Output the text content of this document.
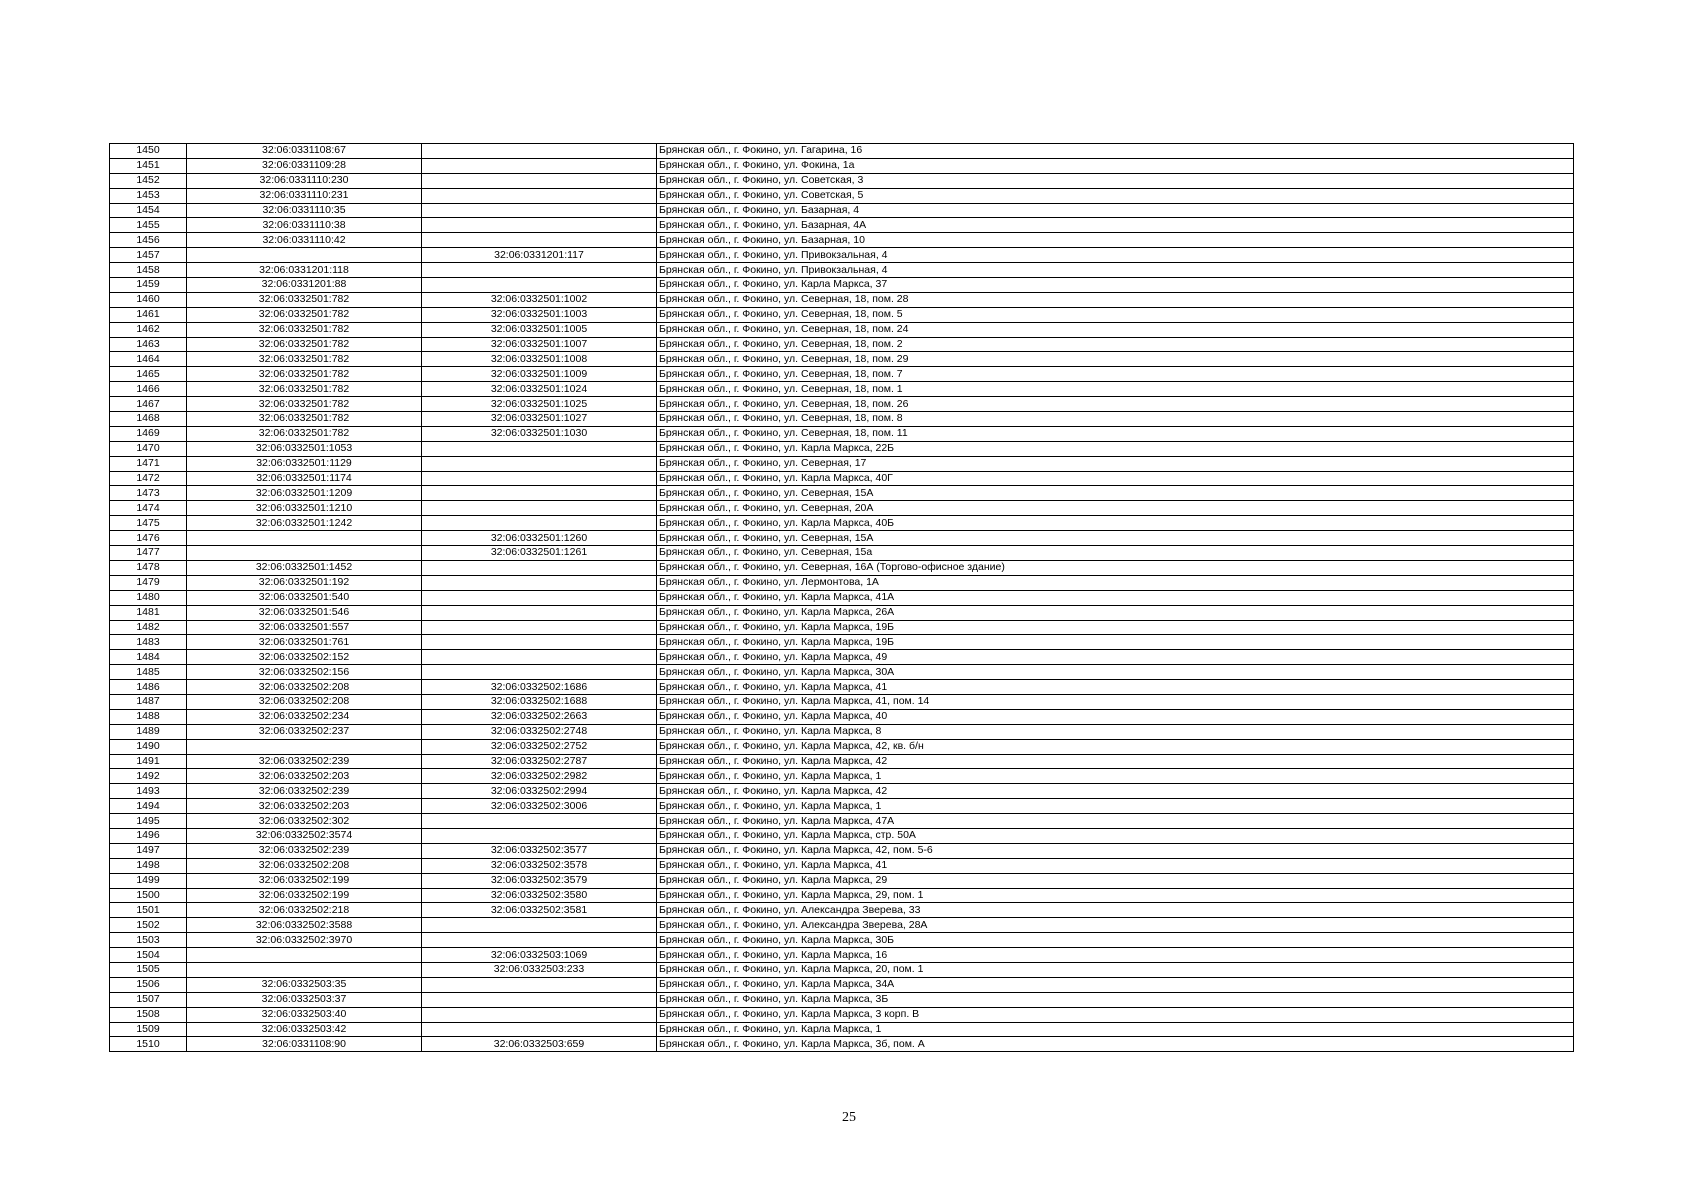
1450	32:06:0331108:67		Брянская обл., г. Фокино, ул. Гагарина, 16
1451	32:06:0331109:28		Брянская обл., г. Фокино, ул. Фокина, 1а
1452	32:06:0331110:230		Брянская обл., г. Фокино, ул. Советская, 3
1453	32:06:0331110:231		Брянская обл., г. Фокино, ул. Советская, 5
1454	32:06:0331110:35		Брянская обл., г. Фокино, ул. Базарная, 4
1455	32:06:0331110:38		Брянская обл., г. Фокино, ул. Базарная, 4А
1456	32:06:0331110:42		Брянская обл., г. Фокино, ул. Базарная, 10
1457		32:06:0331201:117	Брянская обл., г. Фокино, ул. Привокзальная, 4
1458	32:06:0331201:118		Брянская обл., г. Фокино, ул. Привокзальная, 4
1459	32:06:0331201:88		Брянская обл., г. Фокино, ул. Карла Маркса, 37
1460	32:06:0332501:782	32:06:0332501:1002	Брянская обл., г. Фокино, ул. Северная, 18, пом. 28
1461	32:06:0332501:782	32:06:0332501:1003	Брянская обл., г. Фокино, ул. Северная, 18, пом. 5
1462	32:06:0332501:782	32:06:0332501:1005	Брянская обл., г. Фокино, ул. Северная, 18, пом. 24
1463	32:06:0332501:782	32:06:0332501:1007	Брянская обл., г. Фокино, ул. Северная, 18, пом. 2
1464	32:06:0332501:782	32:06:0332501:1008	Брянская обл., г. Фокино, ул. Северная, 18, пом. 29
1465	32:06:0332501:782	32:06:0332501:1009	Брянская обл., г. Фокино, ул. Северная, 18, пом. 7
1466	32:06:0332501:782	32:06:0332501:1024	Брянская обл., г. Фокино, ул. Северная, 18, пом. 1
1467	32:06:0332501:782	32:06:0332501:1025	Брянская обл., г. Фокино, ул. Северная, 18, пом. 26
1468	32:06:0332501:782	32:06:0332501:1027	Брянская обл., г. Фокино, ул. Северная, 18, пом. 8
1469	32:06:0332501:782	32:06:0332501:1030	Брянская обл., г. Фокино, ул. Северная, 18, пом. 11
1470	32:06:0332501:1053		Брянская обл., г. Фокино, ул. Карла Маркса, 22Б
1471	32:06:0332501:1129		Брянская обл., г. Фокино, ул. Северная, 17
1472	32:06:0332501:1174		Брянская обл., г. Фокино, ул. Карла Маркса, 40Г
1473	32:06:0332501:1209		Брянская обл., г. Фокино, ул. Северная, 15А
1474	32:06:0332501:1210		Брянская обл., г. Фокино, ул. Северная, 20А
1475	32:06:0332501:1242		Брянская обл., г. Фокино, ул. Карла Маркса, 40Б
1476		32:06:0332501:1260	Брянская обл., г. Фокино, ул. Северная, 15А
1477		32:06:0332501:1261	Брянская обл., г. Фокино, ул. Северная, 15а
1478	32:06:0332501:1452		Брянская обл., г. Фокино, ул. Северная, 16А (Торгово-офисное здание)
1479	32:06:0332501:192		Брянская обл., г. Фокино, ул. Лермонтова, 1А
1480	32:06:0332501:540		Брянская обл., г. Фокино, ул. Карла Маркса, 41А
1481	32:06:0332501:546		Брянская обл., г. Фокино, ул. Карла Маркса, 26А
1482	32:06:0332501:557		Брянская обл., г. Фокино, ул. Карла Маркса, 19Б
1483	32:06:0332501:761		Брянская обл., г. Фокино, ул. Карла Маркса, 19Б
1484	32:06:0332502:152		Брянская обл., г. Фокино, ул. Карла Маркса, 49
1485	32:06:0332502:156		Брянская обл., г. Фокино, ул. Карла Маркса, 30А
1486	32:06:0332502:208	32:06:0332502:1686	Брянская обл., г. Фокино, ул. Карла Маркса, 41
1487	32:06:0332502:208	32:06:0332502:1688	Брянская обл., г. Фокино, ул. Карла Маркса, 41, пом. 14
1488	32:06:0332502:234	32:06:0332502:2663	Брянская обл., г. Фокино, ул. Карла Маркса, 40
1489	32:06:0332502:237	32:06:0332502:2748	Брянская обл., г. Фокино, ул. Карла Маркса, 8
1490		32:06:0332502:2752	Брянская обл., г. Фокино, ул. Карла Маркса, 42, кв. б/н
1491	32:06:0332502:239	32:06:0332502:2787	Брянская обл., г. Фокино, ул. Карла Маркса, 42
1492	32:06:0332502:203	32:06:0332502:2982	Брянская обл., г. Фокино, ул. Карла Маркса, 1
1493	32:06:0332502:239	32:06:0332502:2994	Брянская обл., г. Фокино, ул. Карла Маркса, 42
1494	32:06:0332502:203	32:06:0332502:3006	Брянская обл., г. Фокино, ул. Карла Маркса, 1
1495	32:06:0332502:302		Брянская обл., г. Фокино, ул. Карла Маркса, 47А
1496	32:06:0332502:3574		Брянская обл., г. Фокино, ул. Карла Маркса, стр. 50А
1497	32:06:0332502:239	32:06:0332502:3577	Брянская обл., г. Фокино, ул. Карла Маркса, 42, пом. 5-6
1498	32:06:0332502:208	32:06:0332502:3578	Брянская обл., г. Фокино, ул. Карла Маркса, 41
1499	32:06:0332502:199	32:06:0332502:3579	Брянская обл., г. Фокино, ул. Карла Маркса, 29
1500	32:06:0332502:199	32:06:0332502:3580	Брянская обл., г. Фокино, ул. Карла Маркса, 29, пом. 1
1501	32:06:0332502:218	32:06:0332502:3581	Брянская обл., г. Фокино, ул. Александра Зверева, 33
1502	32:06:0332502:3588		Брянская обл., г. Фокино, ул. Александра Зверева, 28А
1503	32:06:0332502:3970		Брянская обл., г. Фокино, ул. Карла Маркса, 30Б
1504		32:06:0332503:1069	Брянская обл., г. Фокино, ул. Карла Маркса, 16
1505		32:06:0332503:233	Брянская обл., г. Фокино, ул. Карла Маркса, 20, пом. 1
1506	32:06:0332503:35		Брянская обл., г. Фокино, ул. Карла Маркса, 34А
1507	32:06:0332503:37		Брянская обл., г. Фокино, ул. Карла Маркса, 3Б
1508	32:06:0332503:40		Брянская обл., г. Фокино, ул. Карла Маркса, 3 корп. В
1509	32:06:0332503:42		Брянская обл., г. Фокино, ул. Карла Маркса, 1
1510	32:06:0331108:90	32:06:0332503:659	Брянская обл., г. Фокино, ул. Карла Маркса, 3б, пом. А
25
